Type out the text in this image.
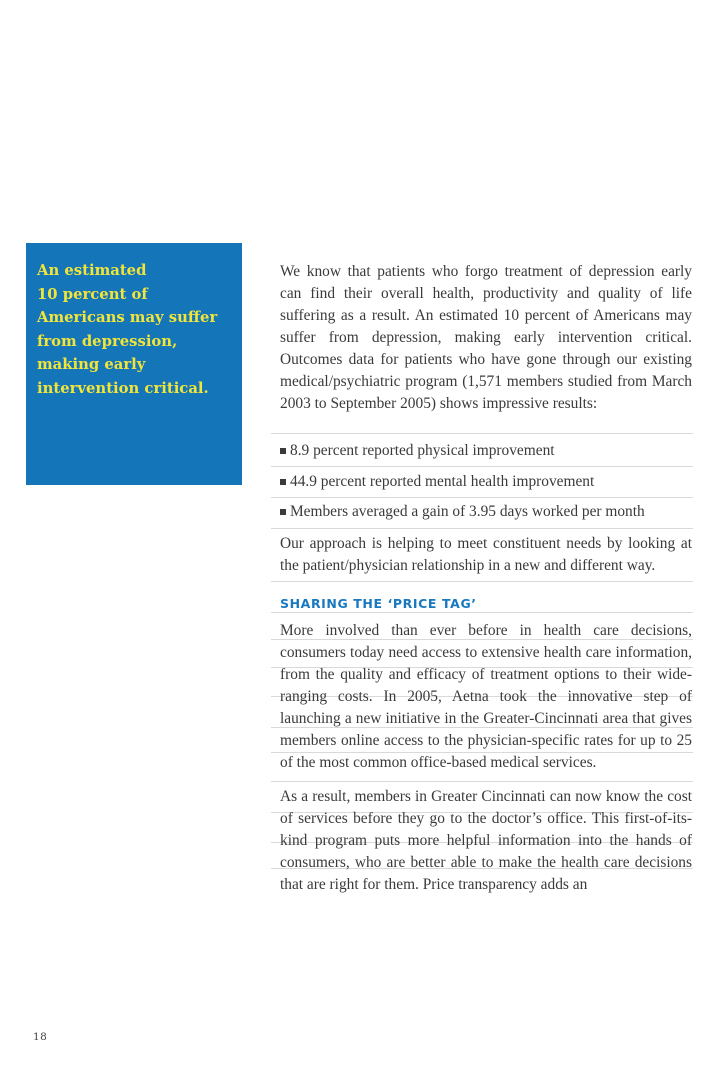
An estimated
10 percent of
Americans may suffer
from depression,
making early
intervention critical.

We know that patients who forgo treatment of depression early can find their overall health, productivity and quality of life suffering as a result. An estimated 10 percent of Americans may suffer from depression, making early intervention critical. Outcomes data for patients who have gone through our existing medical/psychiatric program (1,571 members studied from March 2003 to September 2005) shows impressive results:

8.9 percent reported physical improvement

44.9 percent reported mental health improvement

Members averaged a gain of 3.95 days worked per month

Our approach is helping to meet constituent needs by looking at the patient/physician relationship in a new and different way.

SHARING THE ‘PRICE TAG’

More involved than ever before in health care decisions, consumers today need access to extensive health care information, from the quality and efficacy of treatment options to their wide-ranging costs. In 2005, Aetna took the innovative step of launching a new initiative in the Greater-Cincinnati area that gives members online access to the physician-specific rates for up to 25 of the most common office-based medical services.

As a result, members in Greater Cincinnati can now know the cost of services before they go to the doctor’s office. This first-of-its-kind program puts more helpful information into the hands of consumers, who are better able to make the health care decisions that are right for them. Price transparency adds an

18
